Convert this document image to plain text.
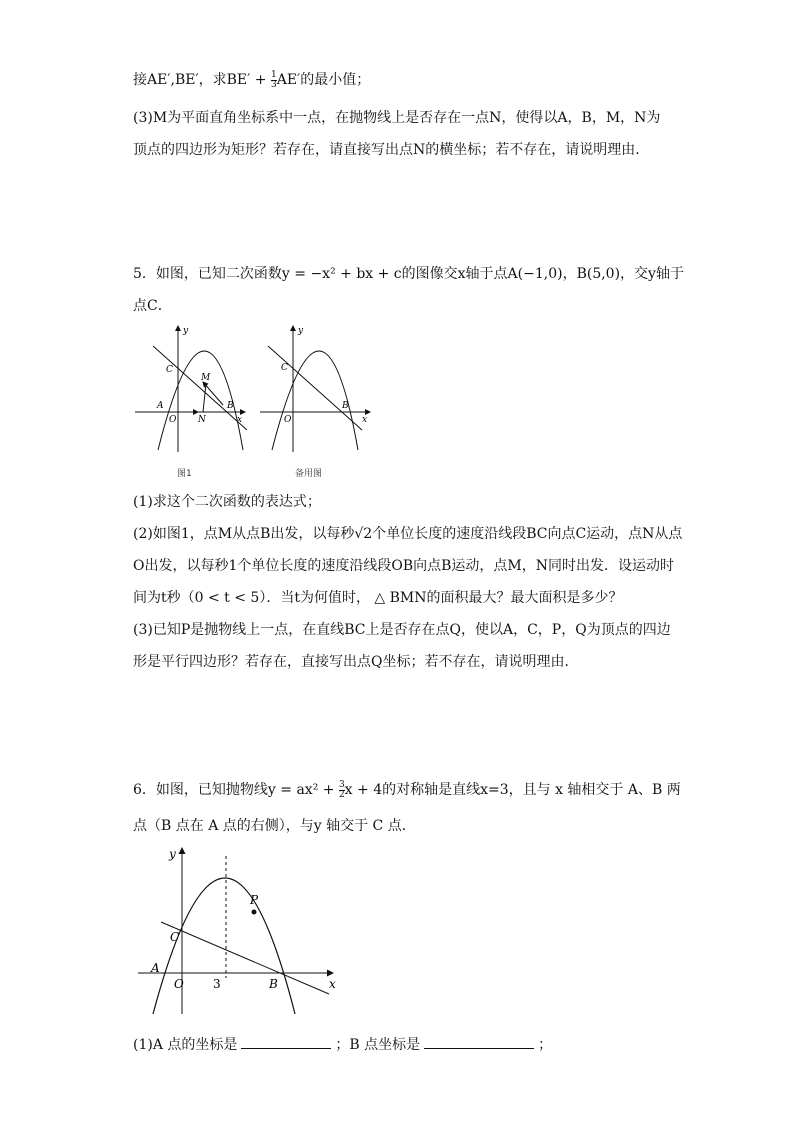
接AE′,BE′，求$BE' + \frac{1}{3} AE'$的最小值；
(3)M为平面直角坐标系中一点，在抛物线上是否存在一点N，使得以A，B，M，N为
顶点的四边形为矩形？若存在，请直接写出点N的横坐标；若不存在，请说明理由．
5．如图，已知二次函数y = −x² + bx + c的图像交x轴于点A(−1,0)，B(5,0)，交y轴于
点C．
y
x
C
A
O N
B
M
图1
y
x
C
O
B
备用图
(1)求这个二次函数的表达式；
(2)如图1，点M从点B出发，以每秒√2个单位长度的速度沿线段BC向点C运动，点N从点
O出发，以每秒1个单位长度的速度沿线段OB向点B运动，点M，N同时出发．设运动时
间为t秒（0 < t < 5）．当t为何值时， △ BMN的面积最大？最大面积是多少？
(3)已知P是抛物线上一点，在直线BC上是否存在点Q，使以A，C，P，Q为顶点的四边
形是平行四边形？若存在，直接写出点Q坐标；若不存在，请说明理由．
6．如图，已知抛物线$y = ax^2 + \frac{3}{2}$ x + 4的对称轴是直线x=3，且与 x 轴相交于 A、B 两
点（B 点在 A 点的右侧），与y 轴交于 C 点．
y
x
P
C
A
O 3	B
(1)A 点的坐标是	；B 点坐标是	；
